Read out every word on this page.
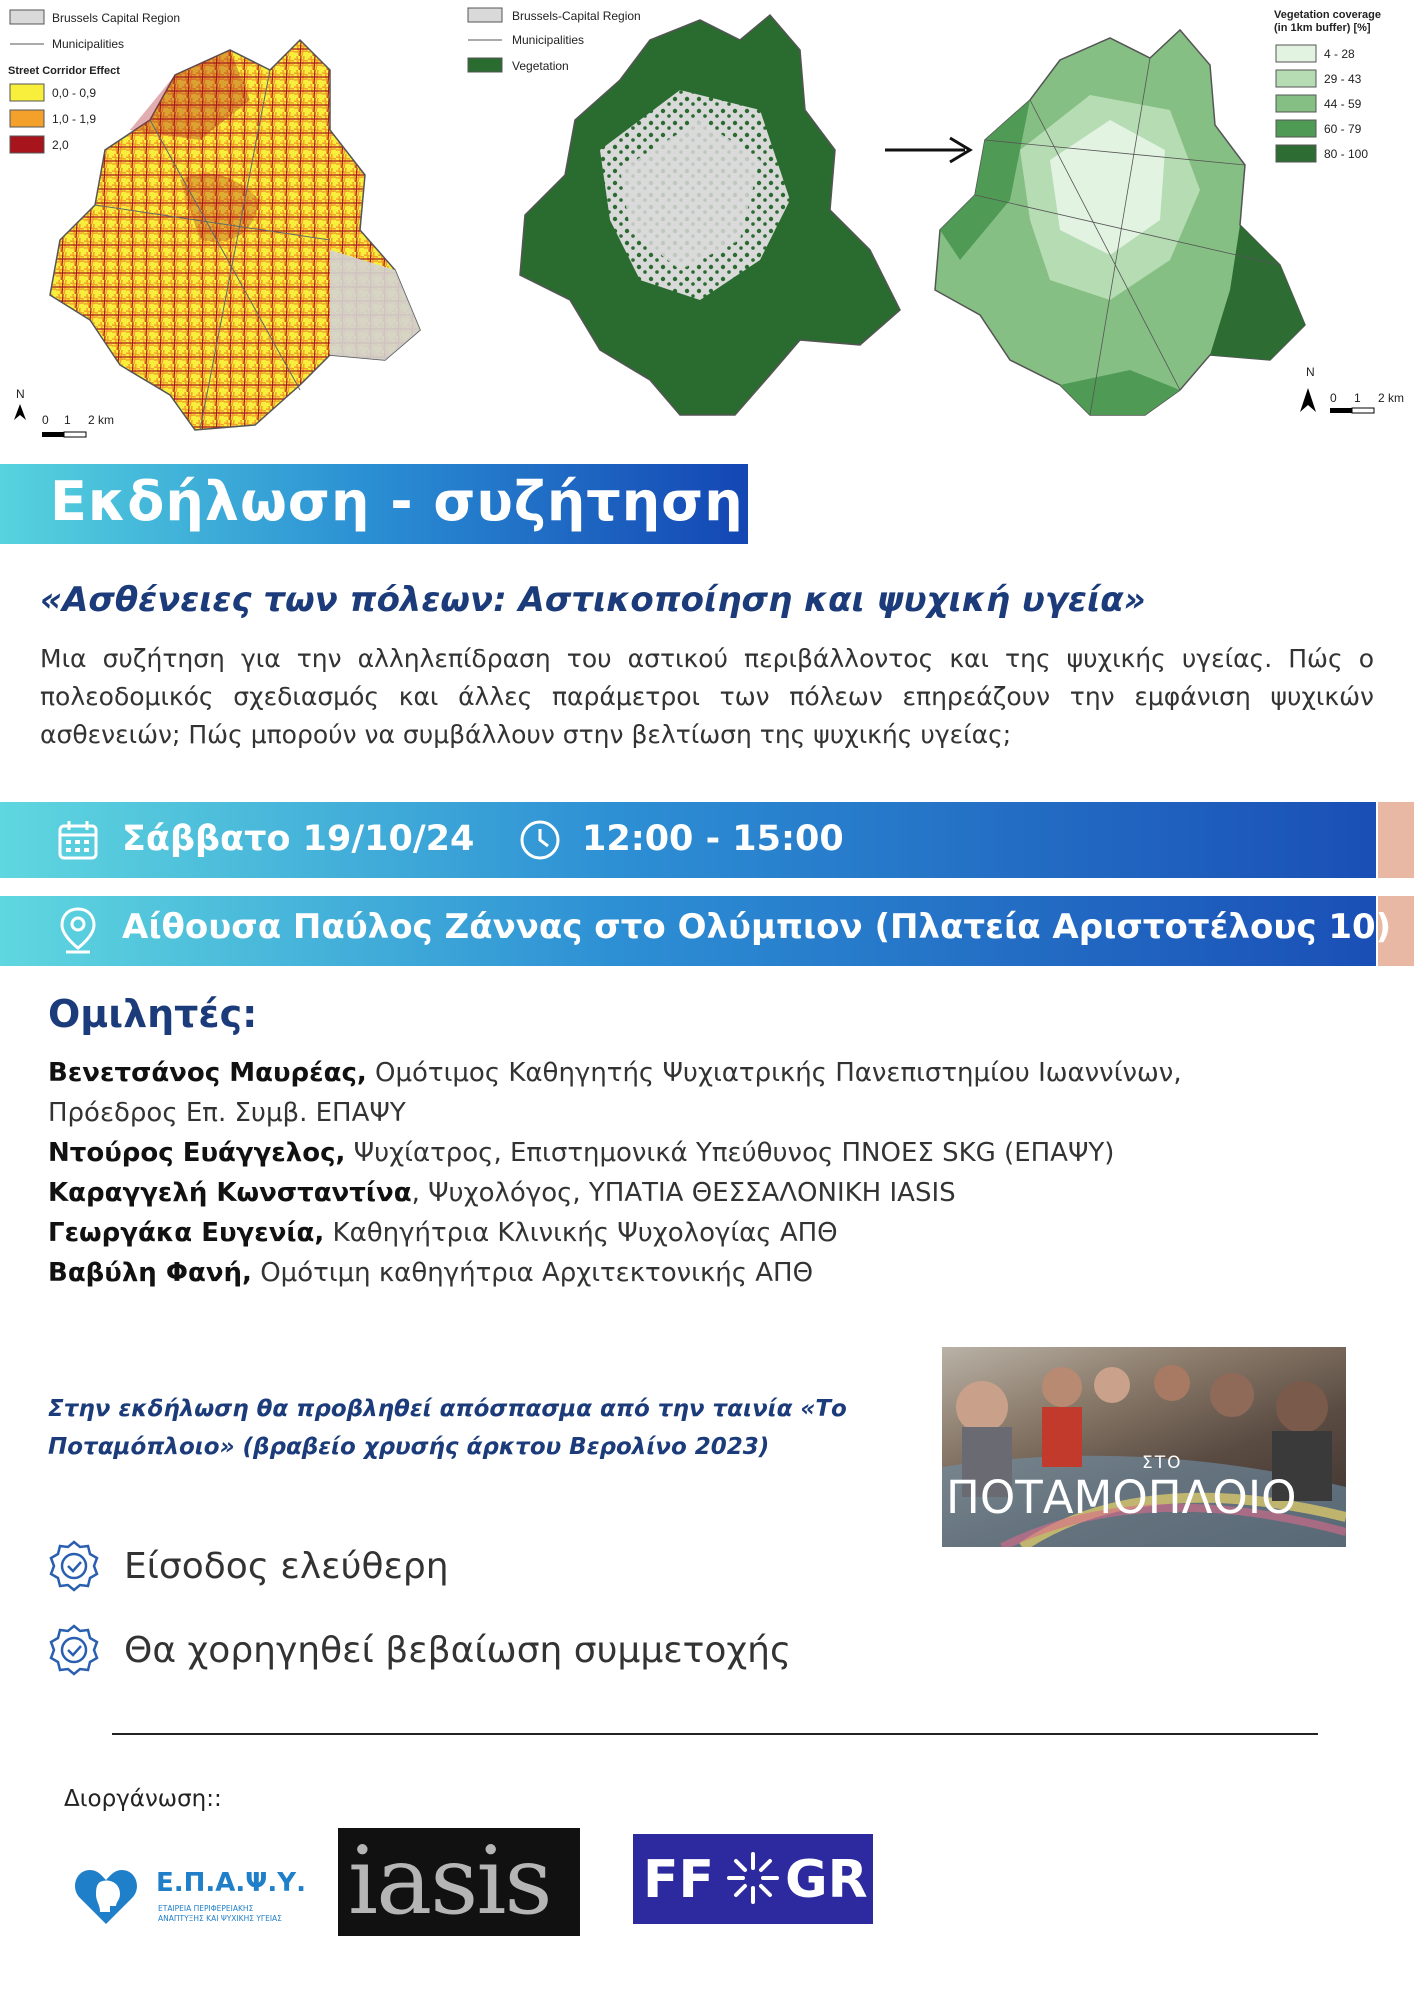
Brussels Capital Region
Municipalities
Street Corridor Effect
0,0 - 0,9
1,0 - 1,9
2,0
N
0 1 2 km
Brussels-Capital Region
Municipalities
Vegetation
Vegetation coverage
(in 1km buffer) [%]
4 - 28
29 - 43
44 - 59
60 - 79
80 - 100
N
0 1 2 km
Εκδήλωση - συζήτηση
«Ασθένειες των πόλεων: Αστικοποίηση και ψυχική υγεία»
Μια συζήτηση για την αλληλεπίδραση του αστικού περιβάλλοντος και της ψυχικής υγείας. Πώς ο πολεοδομικός σχεδιασμός και άλλες παράμετροι των πόλεων επηρεάζουν την εμφάνιση ψυχικών ασθενειών; Πώς μπορούν να συμβάλλουν στην βελτίωση της ψυχικής υγείας;
Σάββατο 19/10/24	12:00 - 15:00
Αίθουσα Παύλος Ζάννας στο Ολύμπιον (Πλατεία Αριστοτέλους 10)
Ομιλητές:
Βενετσάνος Μαυρέας, Ομότιμος Καθηγητής Ψυχιατρικής Πανεπιστημίου Ιωαννίνων,
Πρόεδρος Επ. Συμβ. ΕΠΑΨΥ
Ντούρος Ευάγγελος, Ψυχίατρος, Επιστημονικά Υπεύθυνος ΠΝΟΕΣ SKG (ΕΠΑΨΥ)
Καραγγελή Κωνσταντίνα, Ψυχολόγος, ΥΠΑΤΙΑ ΘΕΣΣΑΛΟΝΙΚΗ IASIS
Γεωργάκα Ευγενία, Καθηγήτρια Κλινικής Ψυχολογίας ΑΠΘ
Βαβύλη Φανή, Ομότιμη καθηγήτρια Αρχιτεκτονικής ΑΠΘ
Στην εκδήλωση θα προβληθεί απόσπασμα από την ταινία «Το Ποταμόπλοιο» (βραβείο χρυσής άρκτου Βερολίνο 2023)
ΣΤΟ
ΠΟΤΑΜΟΠΛΟΙΟ
Είσοδος ελεύθερη
Θα χορηγηθεί βεβαίωση συμμετοχής
Διοργάνωση::
Ε.Π.Α.Ψ.Υ.
ΕΤΑΙΡΕΙΑ ΠΕΡΙΦΕΡΕΙΑΚΗΣ
ΑΝΑΠΤΥΞΗΣ ΚΑΙ ΨΥΧΙΚΗΣ ΥΓΕΙΑΣ iasis FF GR
